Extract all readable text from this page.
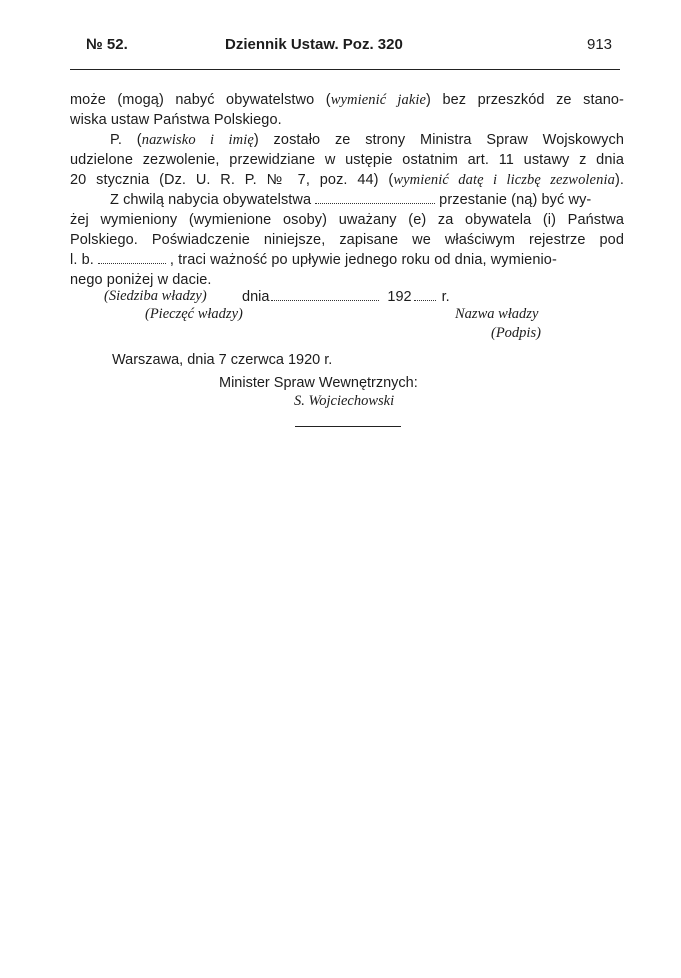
№ 52.	Dziennik Ustaw. Poz. 320	913
może (mogą) nabyć obywatelstwo (wymienić jakie) bez przeszkód ze stano-
wiska ustaw Państwa Polskiego.
P. (nazwisko i imię) zostało ze strony Ministra Spraw Wojskowych
udzielone zezwolenie, przewidziane w ustępie ostatnim art. 11 ustawy z dnia
20 stycznia (Dz. U. R. P. № 7, poz. 44) (wymienić datę i liczbę zezwolenia).
Z chwilą nabycia obywatelstwa	przestanie (ną) być wy-
żej wymieniony (wymienione osoby) uważany (e) za obywatela (i) Państwa
Polskiego. Poświadczenie niniejsze, zapisane we właściwym rejestrze pod
l. b.	, traci ważność po upływie jednego roku od dnia, wymienio-
nego poniżej w dacie.
(Siedziba władzy) dnia	192 r.
(Pieczęć władzy)	Nazwa władzy
(Podpis)
Warszawa, dnia 7 czerwca 1920 r.
Minister Spraw Wewnętrznych:
S. Wojciechowski
